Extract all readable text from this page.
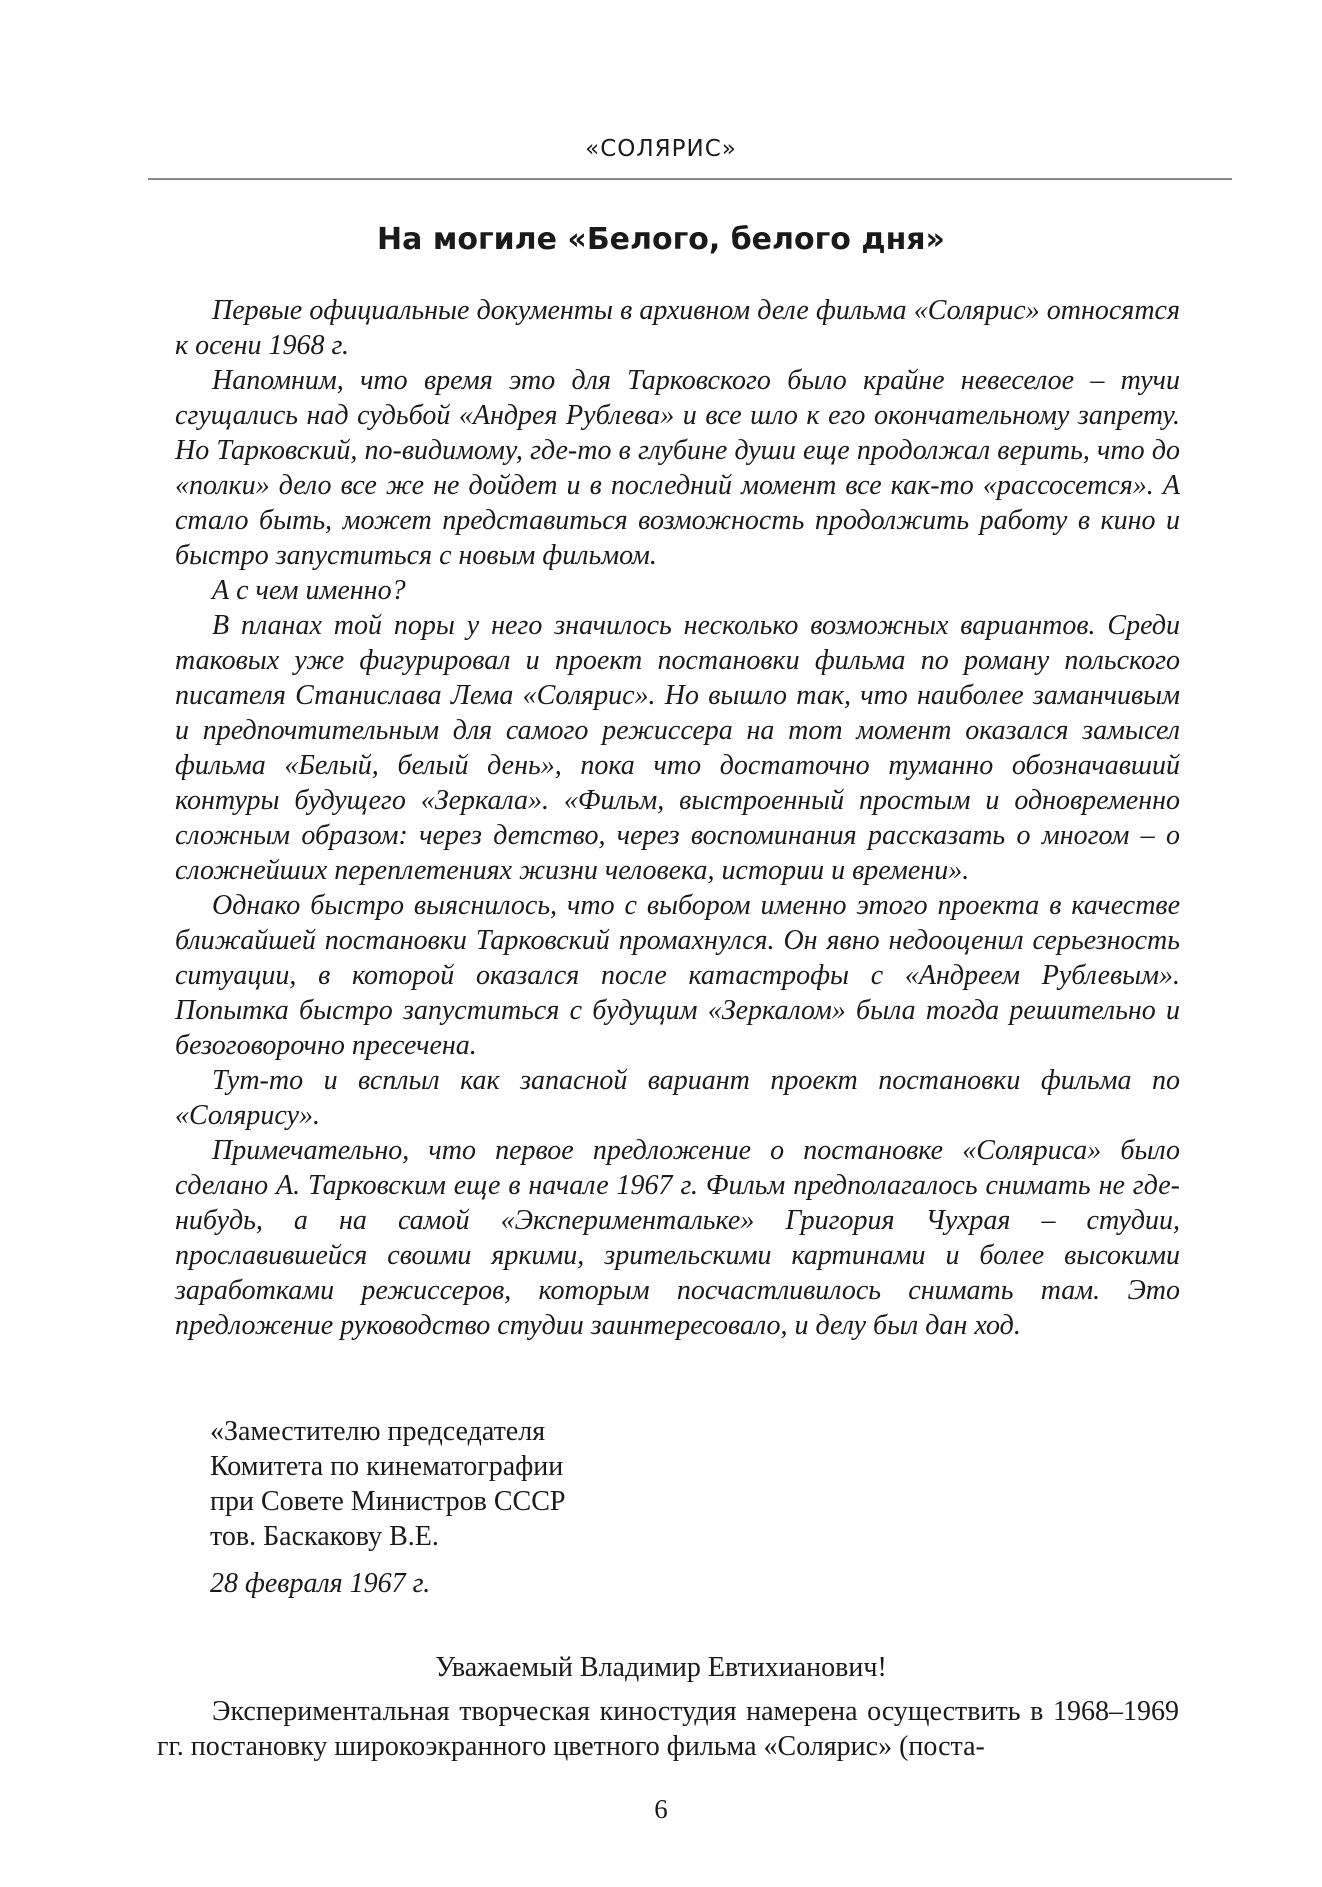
«СОЛЯРИС»
На могиле «Белого, белого дня»

Первые официальные документы в архивном деле фильма «Солярис» относятся к осени 1968 г.

Напомним, что время это для Тарковского было крайне невеселое – тучи сгущались над судьбой «Андрея Рублева» и все шло к его окончательному запрету. Но Тарковский, по-видимому, где-то в глубине души еще продолжал верить, что до «полки» дело все же не дойдет и в последний момент все как-то «рассосется». А стало быть, может представиться возможность продолжить работу в кино и быстро запуститься с новым фильмом.

А с чем именно?

В планах той поры у него значилось несколько возможных вариантов. Среди таковых уже фигурировал и проект постановки фильма по роману польского писателя Станислава Лема «Солярис». Но вышло так, что наиболее заманчивым и предпочтительным для самого режиссера на тот момент оказался замысел фильма «Белый, белый день», пока что достаточно туманно обозначавший контуры будущего «Зеркала». «Фильм, выстроенный простым и одновременно сложным образом: через детство, через воспоминания рассказать о многом – о сложнейших переплетениях жизни человека, истории и времени».

Однако быстро выяснилось, что с выбором именно этого проекта в качестве ближайшей постановки Тарковский промахнулся. Он явно недооценил серьезность ситуации, в которой оказался после катастрофы с «Андреем Рублевым». Попытка быстро запуститься с будущим «Зеркалом» была тогда решительно и безоговорочно пресечена.

Тут-то и всплыл как запасной вариант проект постановки фильма по «Солярису».

Примечательно, что первое предложение о постановке «Соляриса» было сделано А. Тарковским еще в начале 1967 г. Фильм предполагалось снимать не где-нибудь, а на самой «Экспериментальке» Григория Чухрая – студии, прославившейся своими яркими, зрительскими картинами и более высокими заработками режиссеров, которым посчастливилось снимать там. Это предложение руководство студии заинтересовало, и делу был дан ход.

«Заместителю председателя
Комитета по кинематографии
при Совете Министров СССР
тов. Баскакову В.Е.
28 февраля 1967 г.
Уважаемый Владимир Евтихианович!

Экспериментальная творческая киностудия намерена осуществить в 1968–1969 гг. постановку широкоэкранного цветного фильма «Солярис» (поста-

6
